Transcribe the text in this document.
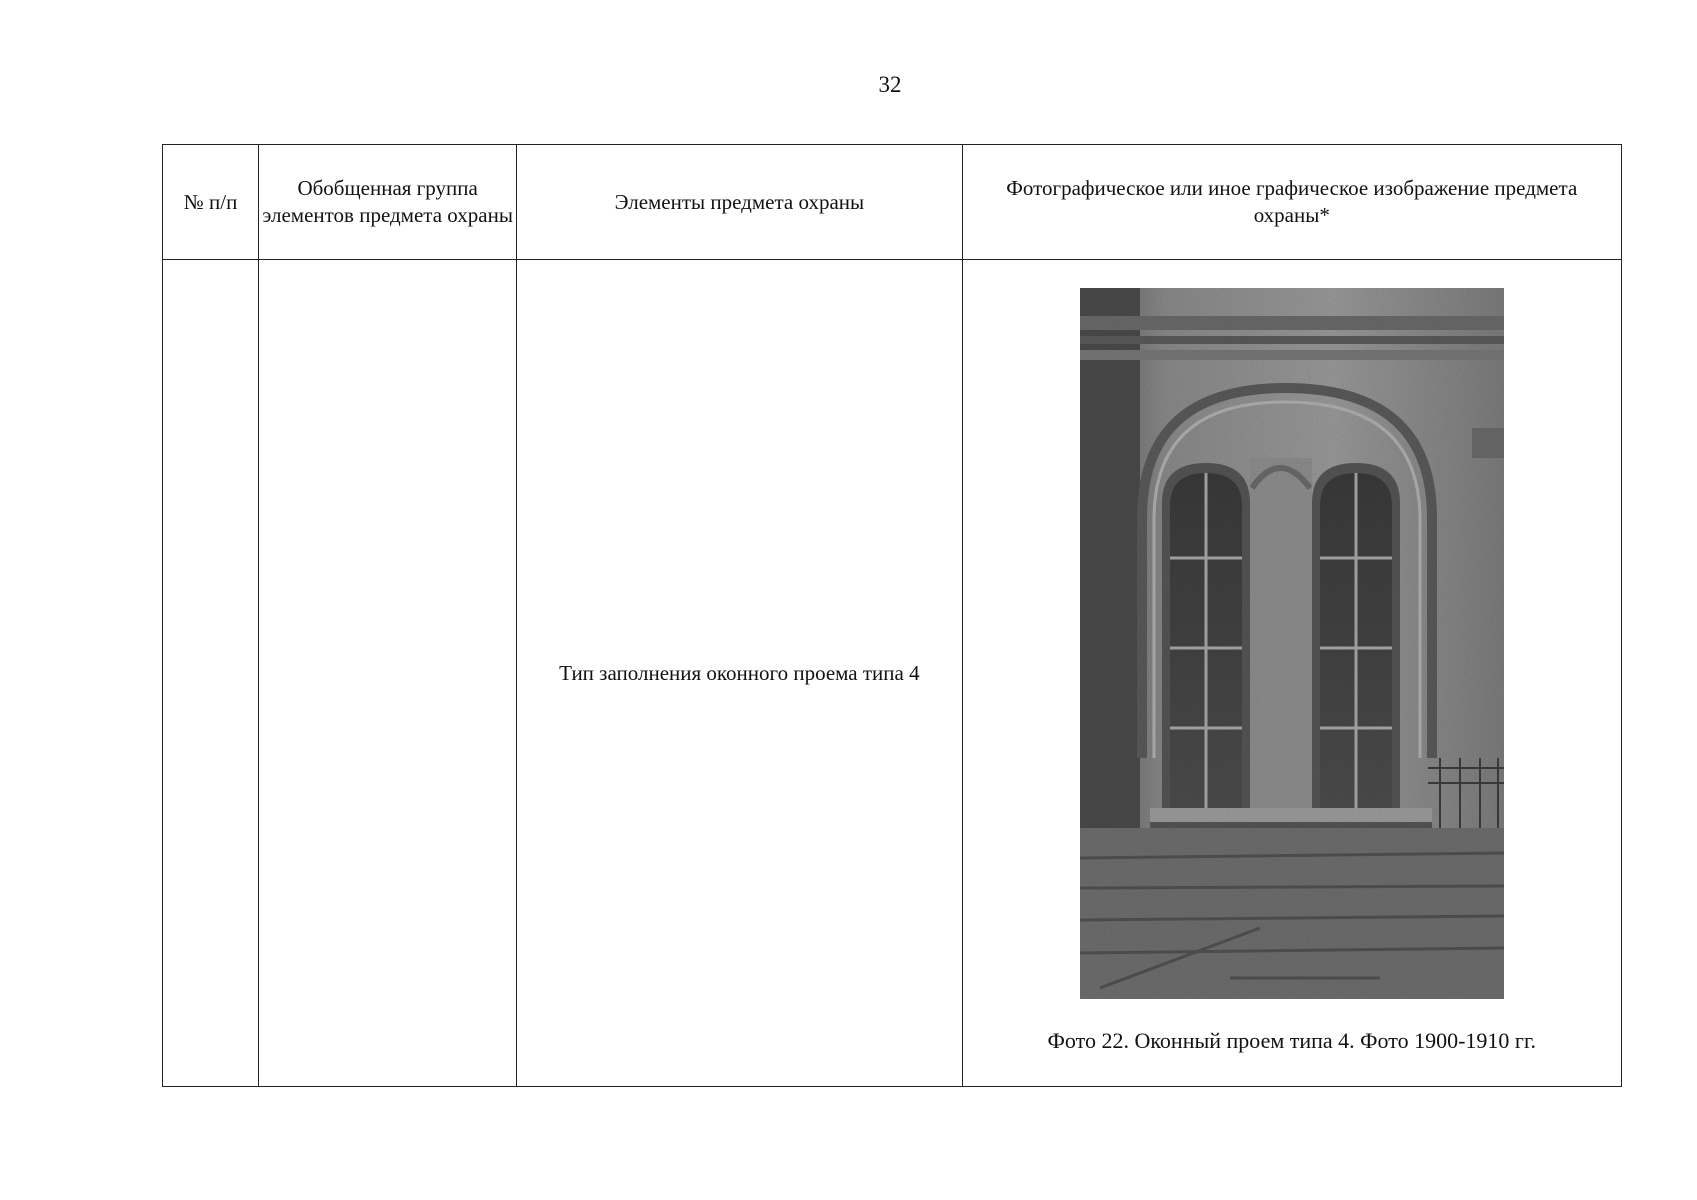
32
№ п/п	Обобщенная группа элементов предмета охраны	Элементы предмета охраны	Фотографическое или иное графическое изображение предмета охраны*

		Тип заполнения оконного проема типа 4	Фото 22. Оконный проем типа 4. Фото 1900-1910 гг.
